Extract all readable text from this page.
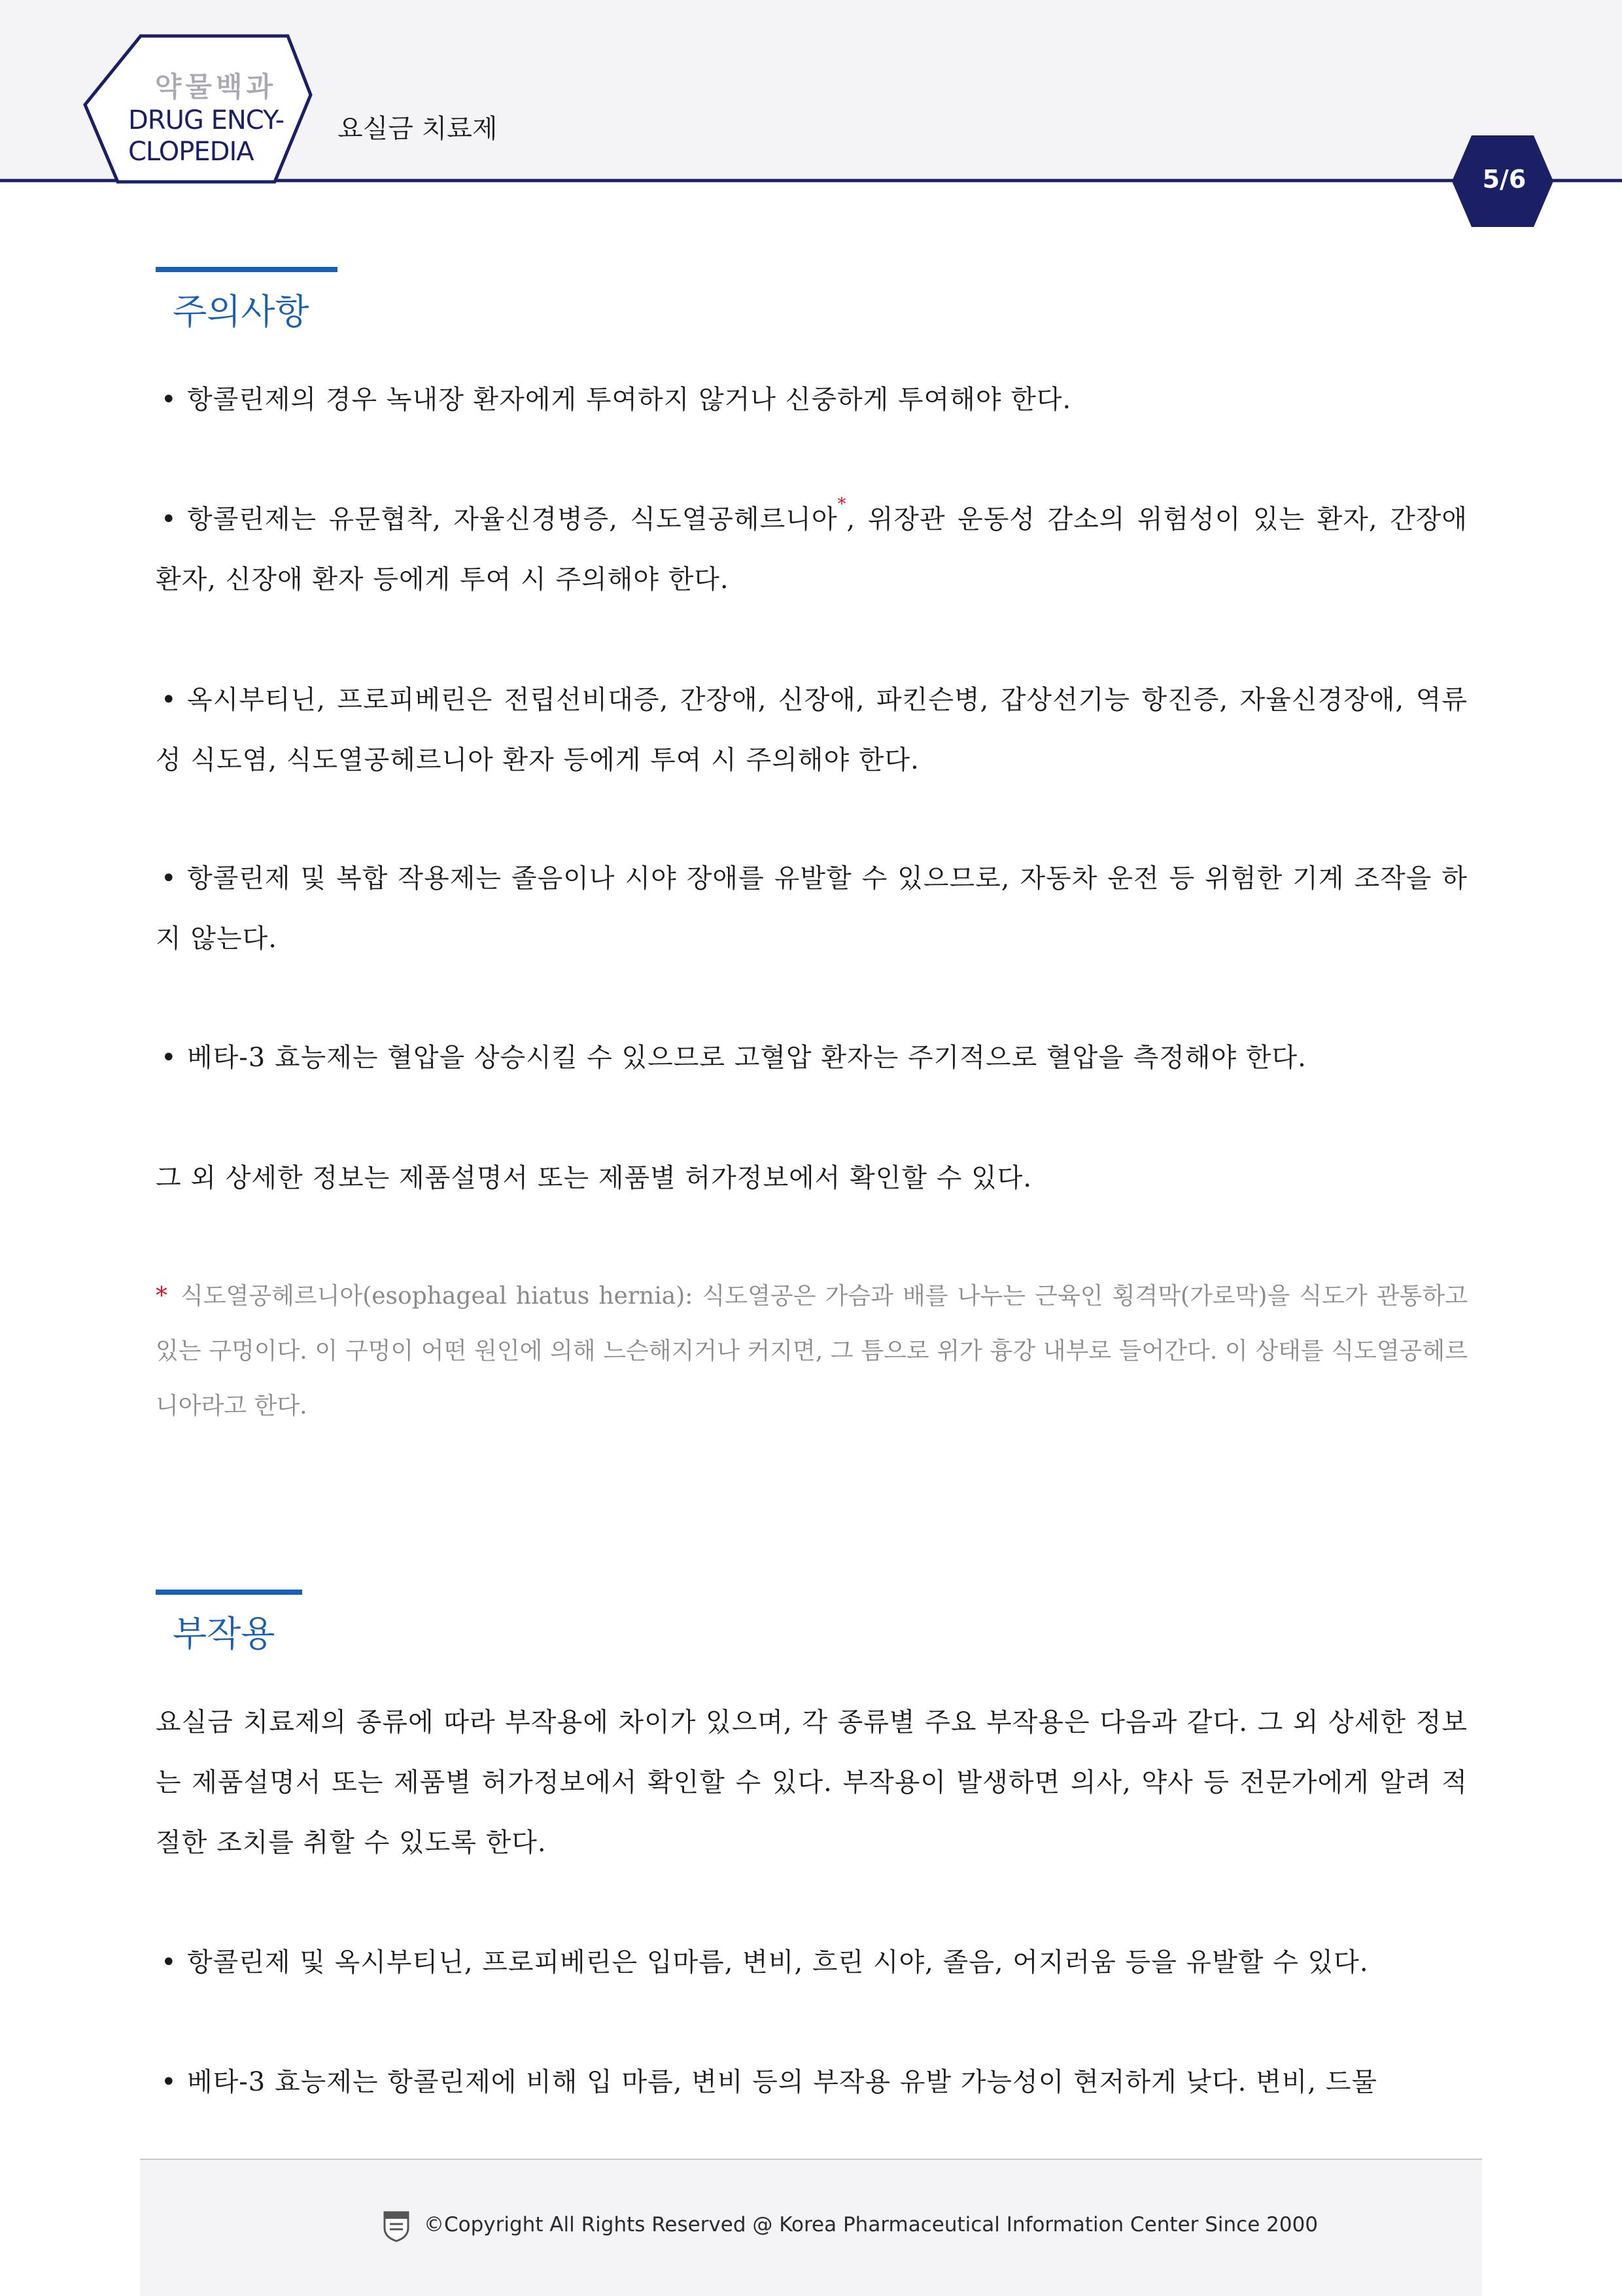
약물백과
DRUG ENCY-
CLOPEDIA
요실금 치료제
5/6
주의사항
• 항콜린제의 경우 녹내장 환자에게 투여하지 않거나 신중하게 투여해야 한다.
• 항콜린제는 유문협착, 자율신경병증, 식도열공헤르니아*, 위장관 운동성 감소의 위험성이 있는 환자, 간장애 환자, 신장애 환자 등에게 투여 시 주의해야 한다.
• 옥시부티닌, 프로피베린은 전립선비대증, 간장애, 신장애, 파킨슨병, 갑상선기능 항진증, 자율신경장애, 역류성 식도염, 식도열공헤르니아 환자 등에게 투여 시 주의해야 한다.
• 항콜린제 및 복합 작용제는 졸음이나 시야 장애를 유발할 수 있으므로, 자동차 운전 등 위험한 기계 조작을 하지 않는다.
• 베타-3 효능제는 혈압을 상승시킬 수 있으므로 고혈압 환자는 주기적으로 혈압을 측정해야 한다.
그 외 상세한 정보는 제품설명서 또는 제품별 허가정보에서 확인할 수 있다.
* 식도열공헤르니아(esophageal hiatus hernia): 식도열공은 가슴과 배를 나누는 근육인 횡격막(가로막)을 식도가 관통하고 있는 구멍이다. 이 구멍이 어떤 원인에 의해 느슨해지거나 커지면, 그 틈으로 위가 흉강 내부로 들어간다. 이 상태를 식도열공헤르니아라고 한다.
부작용
요실금 치료제의 종류에 따라 부작용에 차이가 있으며, 각 종류별 주요 부작용은 다음과 같다. 그 외 상세한 정보는 제품설명서 또는 제품별 허가정보에서 확인할 수 있다. 부작용이 발생하면 의사, 약사 등 전문가에게 알려 적절한 조치를 취할 수 있도록 한다.
• 항콜린제 및 옥시부티닌, 프로피베린은 입마름, 변비, 흐린 시야, 졸음, 어지러움 등을 유발할 수 있다.
• 베타-3 효능제는 항콜린제에 비해 입 마름, 변비 등의 부작용 유발 가능성이 현저하게 낮다. 변비, 드물
©Copyright All Rights Reserved @ Korea Pharmaceutical Information Center Since 2000
